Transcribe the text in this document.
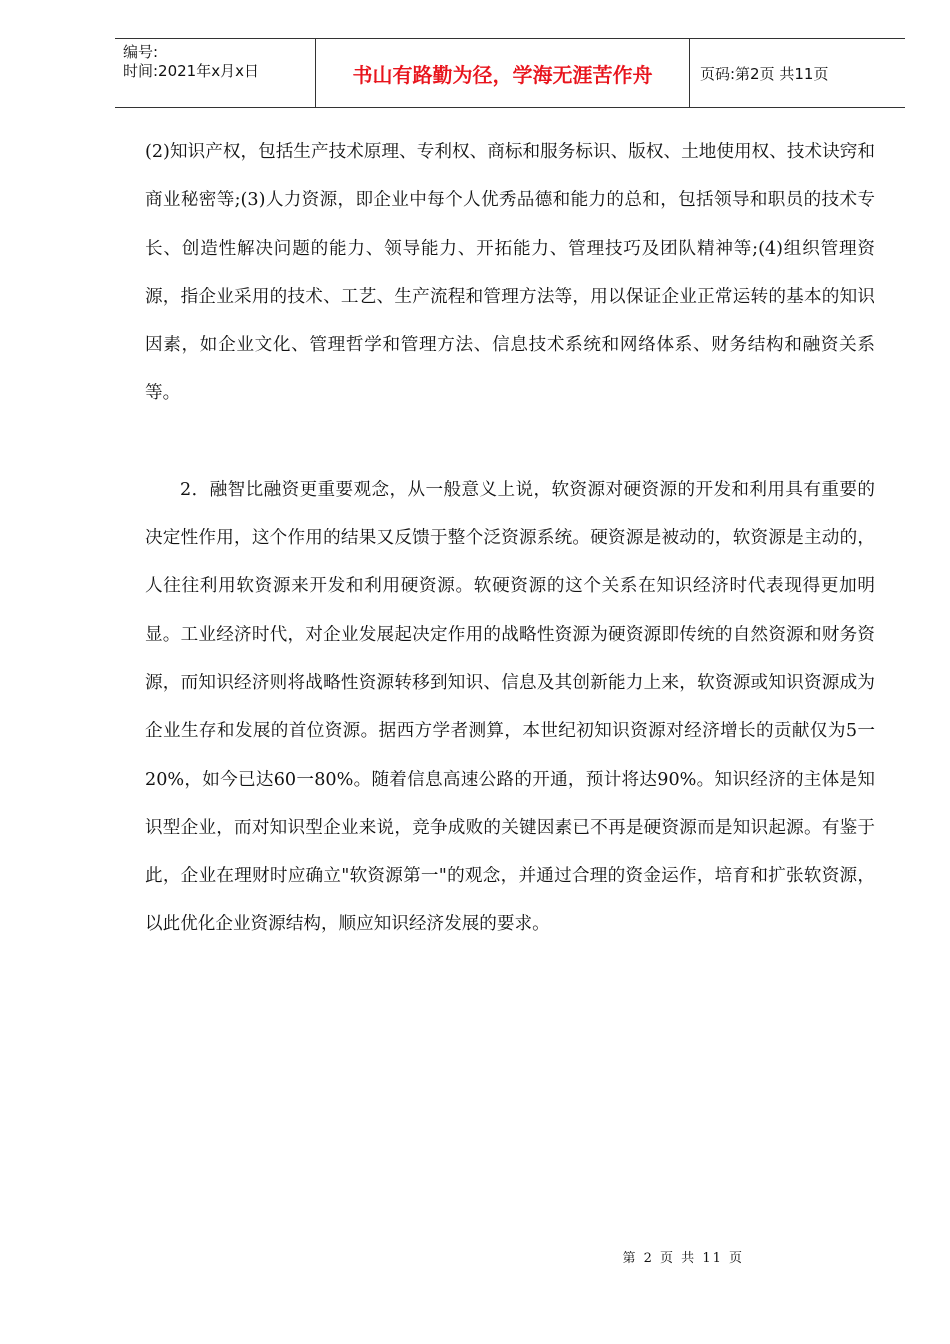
编号:
时间:2021年x月x日	书山有路勤为径，学海无涯苦作舟	页码:第2页 共11页

(2)知识产权，包括生产技术原理、专利权、商标和服务标识、版权、土地使用权、技术诀窍和商业秘密等;(3)人力资源，即企业中每个人优秀品德和能力的总和，包括领导和职员的技术专长、创造性解决问题的能力、领导能力、开拓能力、管理技巧及团队精神等;(4)组织管理资源，指企业采用的技术、工艺、生产流程和管理方法等，用以保证企业正常运转的基本的知识因素，如企业文化、管理哲学和管理方法、信息技术系统和网络体系、财务结构和融资关系等。

2．融智比融资更重要观念，从一般意义上说，软资源对硬资源的开发和利用具有重要的决定性作用，这个作用的结果又反馈于整个泛资源系统。硬资源是被动的，软资源是主动的，人往往利用软资源来开发和利用硬资源。软硬资源的这个关系在知识经济时代表现得更加明显。工业经济时代，对企业发展起决定作用的战略性资源为硬资源即传统的自然资源和财务资源，而知识经济则将战略性资源转移到知识、信息及其创新能力上来，软资源或知识资源成为企业生存和发展的首位资源。据西方学者测算，本世纪初知识资源对经济增长的贡献仅为5一20%，如今已达60一80%。随着信息高速公路的开通，预计将达90%。知识经济的主体是知识型企业，而对知识型企业来说，竞争成败的关键因素已不再是硬资源而是知识起源。有鉴于此，企业在理财时应确立"软资源第一"的观念，并通过合理的资金运作，培育和扩张软资源，以此优化企业资源结构，顺应知识经济发展的要求。

第 2 页 共 11 页
